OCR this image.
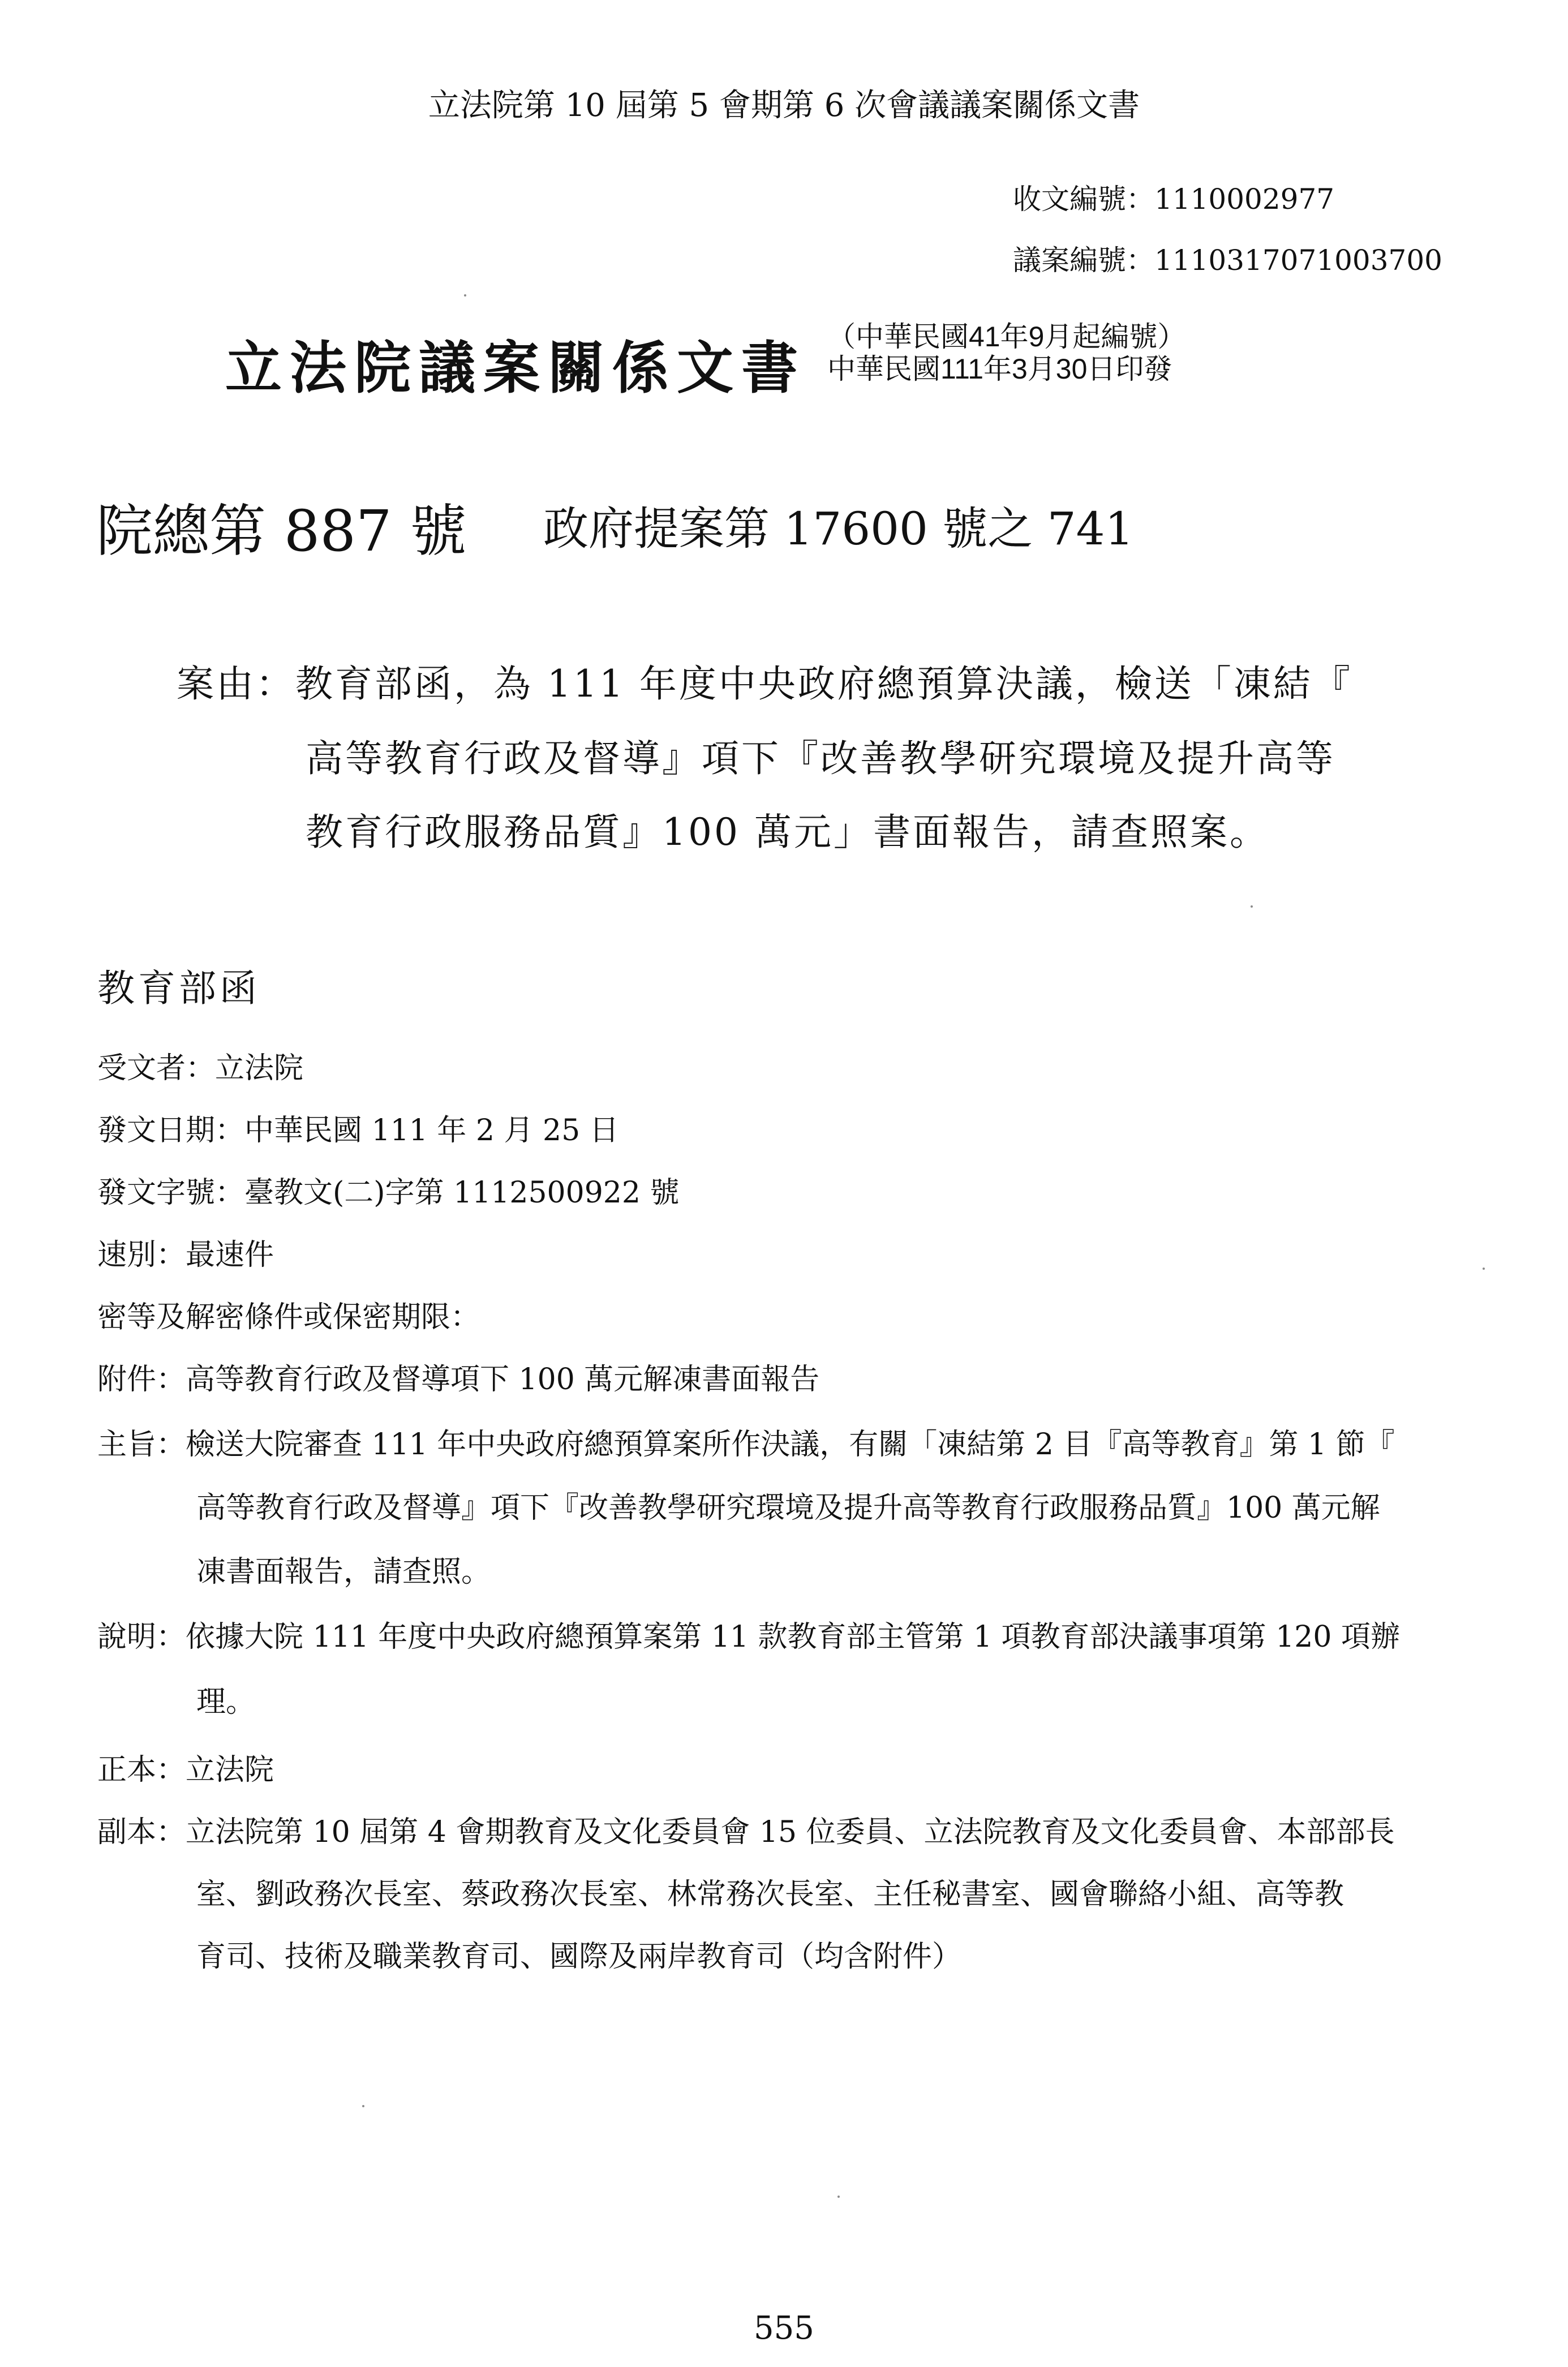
立法院第 10 屆第 5 會期第 6 次會議議案關係文書
收文編號：1110002977
議案編號：1110317071003700
立法院議案關係文書 （中華民國41年9月起編號）
中華民國111年3月30日印發
院總第 887 號 政府提案第 17600 號之 741
案由：教育部函，為 111 年度中央政府總預算決議，檢送「凍結『
高等教育行政及督導』項下『改善教學研究環境及提升高等
教育行政服務品質』100 萬元」書面報告，請查照案。
教育部函
受文者：立法院
發文日期：中華民國 111 年 2 月 25 日
發文字號：臺教文(二)字第 1112500922 號
速別：最速件
密等及解密條件或保密期限：
附件：高等教育行政及督導項下 100 萬元解凍書面報告
主旨：檢送大院審查 111 年中央政府總預算案所作決議，有關「凍結第 2 目『高等教育』第 1 節『
高等教育行政及督導』項下『改善教學研究環境及提升高等教育行政服務品質』100 萬元解
凍書面報告，請查照。
說明：依據大院 111 年度中央政府總預算案第 11 款教育部主管第 1 項教育部決議事項第 120 項辦
理。
正本：立法院
副本：立法院第 10 屆第 4 會期教育及文化委員會 15 位委員、立法院教育及文化委員會、本部部長
室、劉政務次長室、蔡政務次長室、林常務次長室、主任秘書室、國會聯絡小組、高等教
育司、技術及職業教育司、國際及兩岸教育司（均含附件）
555
